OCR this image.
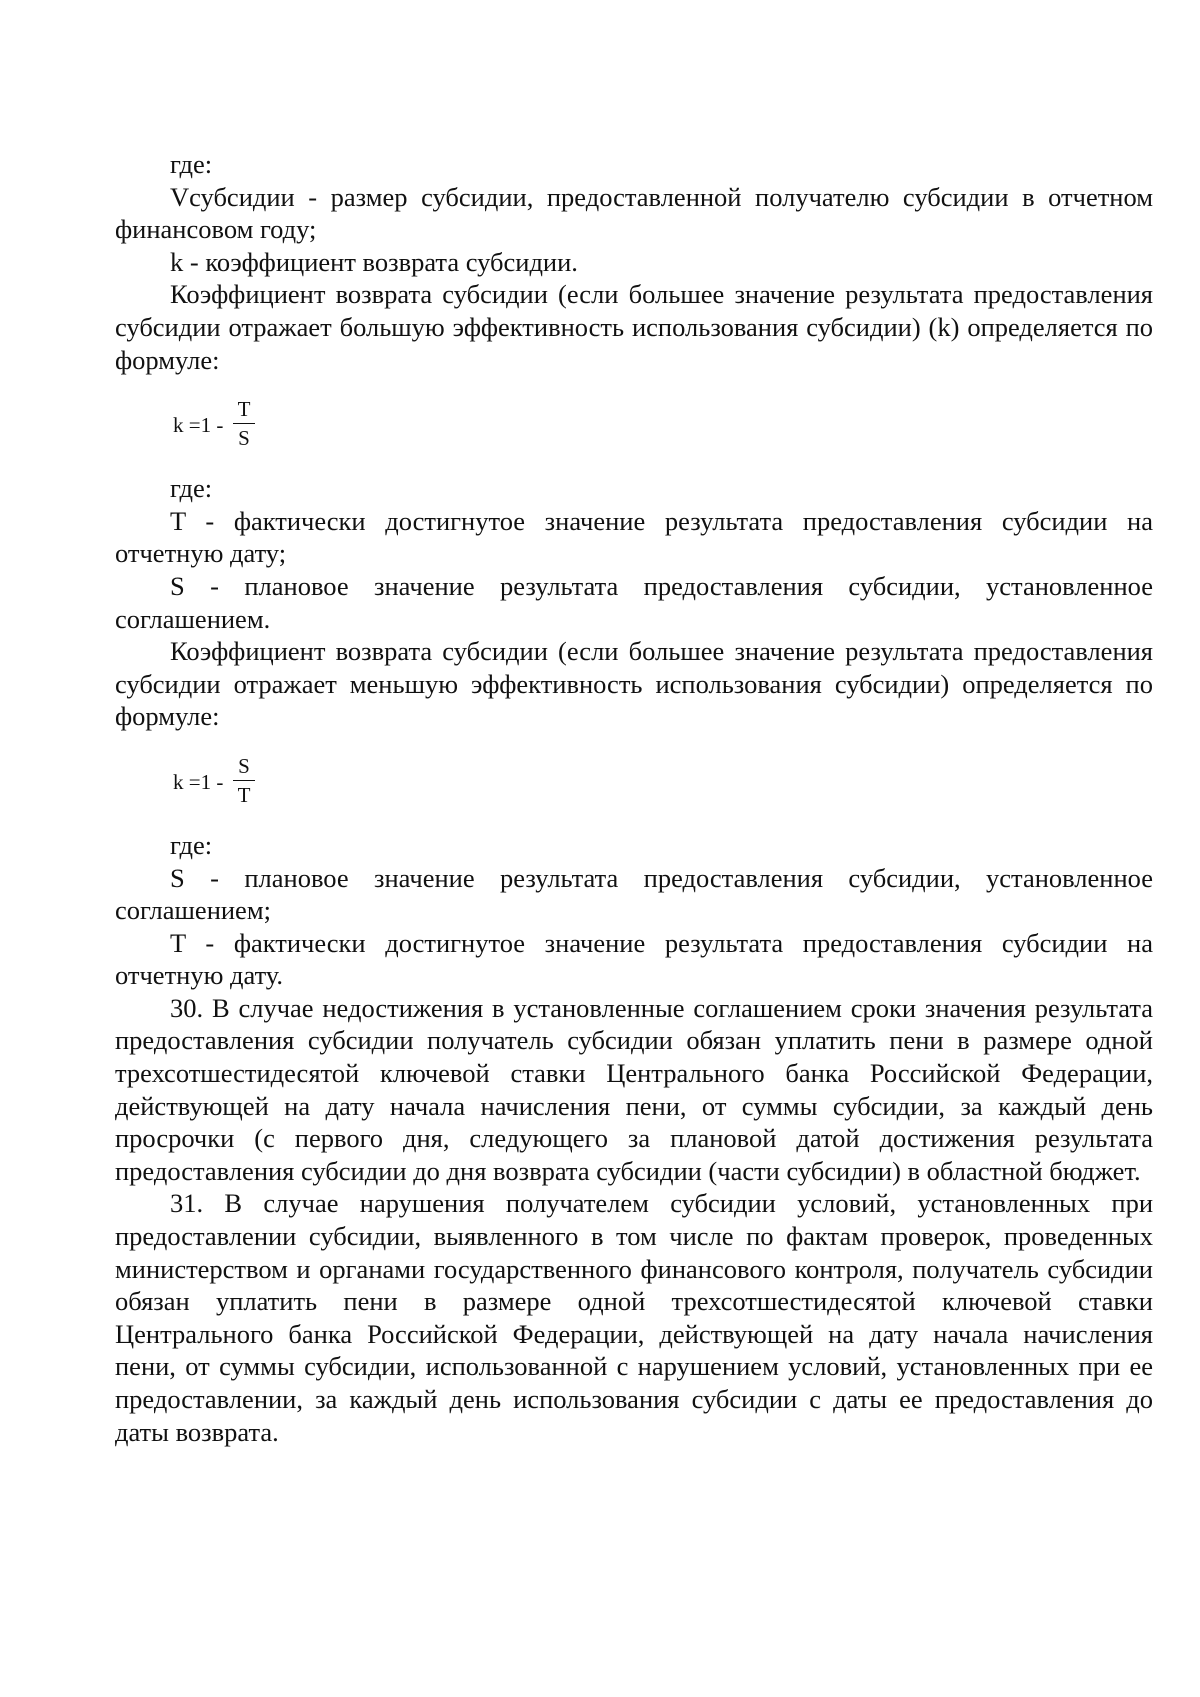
где:

Vсубсидии - размер субсидии, предоставленной получателю субсидии в отчетном финансовом году;

k - коэффициент возврата субсидии.

Коэффициент возврата субсидии (если большее значение результата предоставления субсидии отражает большую эффективность использования субсидии) (k) определяется по формуле:

k =1 -
T
S

где:

T - фактически достигнутое значение результата предоставления субсидии на отчетную дату;

S - плановое значение результата предоставления субсидии, установленное соглашением.

Коэффициент возврата субсидии (если большее значение результата предоставления субсидии отражает меньшую эффективность использования субсидии) определяется по формуле:

k =1 -
S
T

где:

S - плановое значение результата предоставления субсидии, установленное соглашением;

T - фактически достигнутое значение результата предоставления субсидии на отчетную дату.

30. В случае недостижения в установленные соглашением сроки значения результата предоставления субсидии получатель субсидии обязан уплатить пени в размере одной трехсотшестидесятой ключевой ставки Центрального банка Российской Федерации, действующей на дату начала начисления пени, от суммы субсидии, за каждый день просрочки (с первого дня, следующего за плановой датой достижения результата предоставления субсидии до дня возврата субсидии (части субсидии) в областной бюджет.

31. В случае нарушения получателем субсидии условий, установленных при предоставлении субсидии, выявленного в том числе по фактам проверок, проведенных министерством и органами государственного финансового контроля, получатель субсидии обязан уплатить пени в размере одной трехсотшестидесятой ключевой ставки Центрального банка Российской Федерации, действующей на дату начала начисления пени, от суммы субсидии, использованной с нарушением условий, установленных при ее предоставлении, за каждый день использования субсидии с даты ее предоставления до даты возврата.
